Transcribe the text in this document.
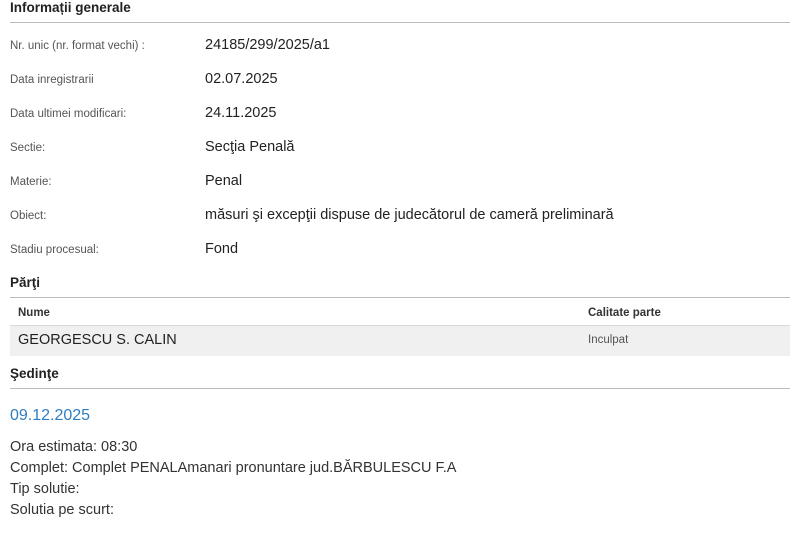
Informații generale
Nr. unic (nr. format vechi) :	24185/299/2025/a1
Data inregistrarii	02.07.2025
Data ultimei modificari:	24.11.2025
Sectie:	Secţia Penală
Materie:	Penal
Obiect:	măsuri şi excepţii dispuse de judecătorul de cameră preliminară
Stadiu procesual:	Fond
Părţi
Nume	Calitate parte
GEORGESCU S. CALIN	Inculpat
Şedinţe
09.12.2025
Ora estimata: 08:30
Complet: Complet PENALAmanari pronuntare jud.BĂRBULESCU F.A
Tip solutie:
Solutia pe scurt:
